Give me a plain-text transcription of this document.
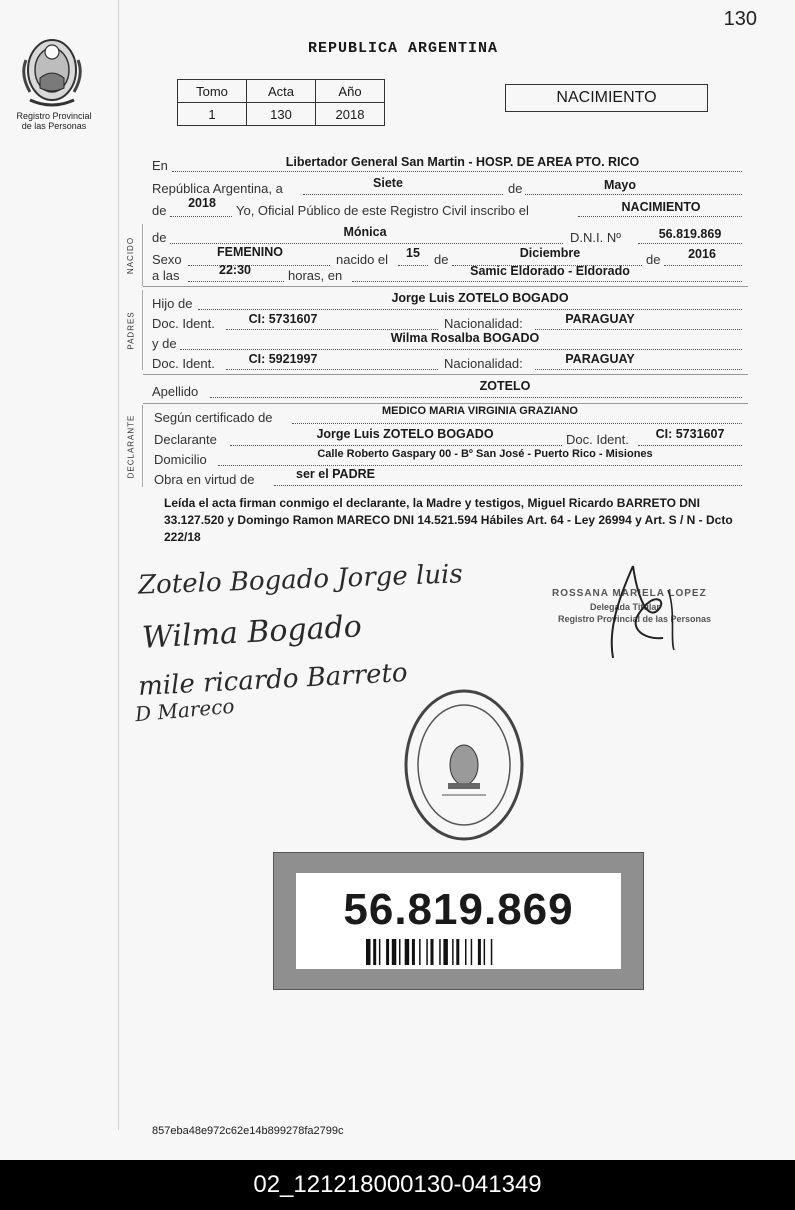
130
Registro Provincial
de las Personas
REPUBLICA ARGENTINA
Tomo	Acta	Año
1	130	2018
NACIMIENTO
En	Libertador General San Martin - HOSP. DE AREA PTO. RICO
República Argentina, a	Siete	de	Mayo
de	2018	Yo, Oficial Público de este Registro Civil inscribo el	NACIMIENTO
NACIDO de	Mónica	D.N.I. Nº	56.819.869
Sexo	FEMENINO	nacido el	15	de	Diciembre	de	2016
a las	22:30	horas, en	Samic Eldorado - Eldorado
PADRES
Hijo de	Jorge Luis ZOTELO BOGADO
Doc. Ident.	CI: 5731607	Nacionalidad:	PARAGUAY
y de	Wilma Rosalba BOGADO
Doc. Ident.	CI: 5921997	Nacionalidad:	PARAGUAY
Apellido	ZOTELO
DECLARANTE Según certificado de	MEDICO MARIA VIRGINIA GRAZIANO
Declarante	Jorge Luis ZOTELO BOGADO	Doc. Ident.	CI: 5731607
Domicilio	Calle Roberto Gaspary 00 - Bº San José - Puerto Rico - Misiones
Obra en virtud de	ser el PADRE
Leída el acta firman conmigo el declarante, la Madre y testigos, Miguel Ricardo BARRETO DNI 33.127.520 y Domingo Ramon MARECO DNI 14.521.594 Hábiles Art. 64 - Ley 26994 y Art. S / N - Dcto 222/18
Zotelo Bogado Jorge luis
Wilma Bogado
mile ricardo Barreto
D Mareco
ROSSANA MARIELA LOPEZ
Delegada Titular
Registro Provincial de las Personas
56.819.869
857eba48e972c62e14b899278fa2799c
02_121218000130-041349
